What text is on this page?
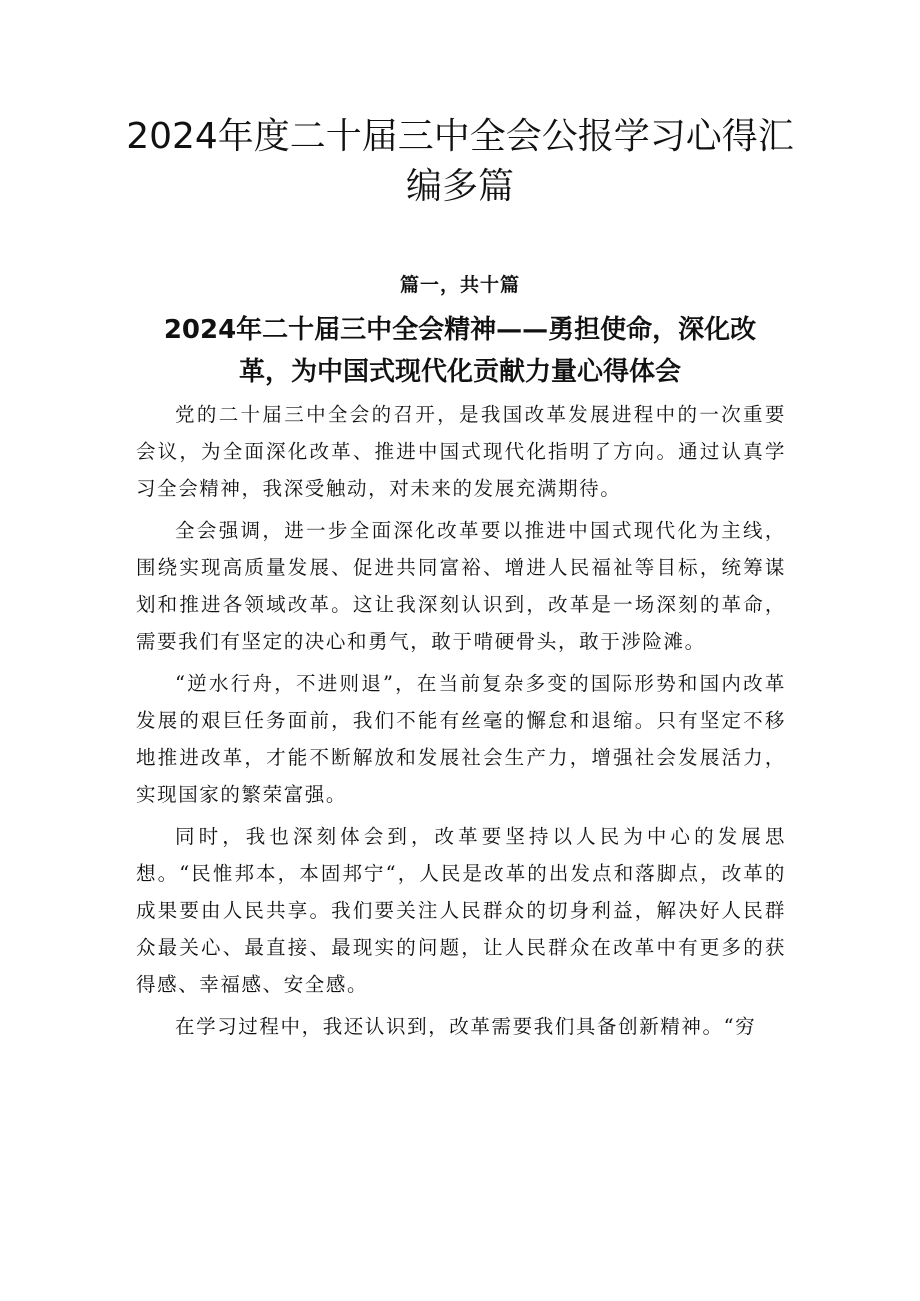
2024年度二十届三中全会公报学习心得汇编多篇
篇一，共十篇
2024年二十届三中全会精神——勇担使命，深化改革，为中国式现代化贡献力量心得体会

党的二十届三中全会的召开，是我国改革发展进程中的一次重要会议，为全面深化改革、推进中国式现代化指明了方向。通过认真学习全会精神，我深受触动，对未来的发展充满期待。

全会强调，进一步全面深化改革要以推进中国式现代化为主线，围绕实现高质量发展、促进共同富裕、增进人民福祉等目标，统筹谋划和推进各领域改革。这让我深刻认识到，改革是一场深刻的革命，需要我们有坚定的决心和勇气，敢于啃硬骨头，敢于涉险滩。

“逆水行舟，不进则退”，在当前复杂多变的国际形势和国内改革发展的艰巨任务面前，我们不能有丝毫的懈怠和退缩。只有坚定不移地推进改革，才能不断解放和发展社会生产力，增强社会发展活力，实现国家的繁荣富强。

同时，我也深刻体会到，改革要坚持以人民为中心的发展思想。“民惟邦本，本固邦宁“，人民是改革的出发点和落脚点，改革的成果要由人民共享。我们要关注人民群众的切身利益，解决好人民群众最关心、最直接、最现实的问题，让人民群众在改革中有更多的获得感、幸福感、安全感。

在学习过程中，我还认识到，改革需要我们具备创新精神。“穷
